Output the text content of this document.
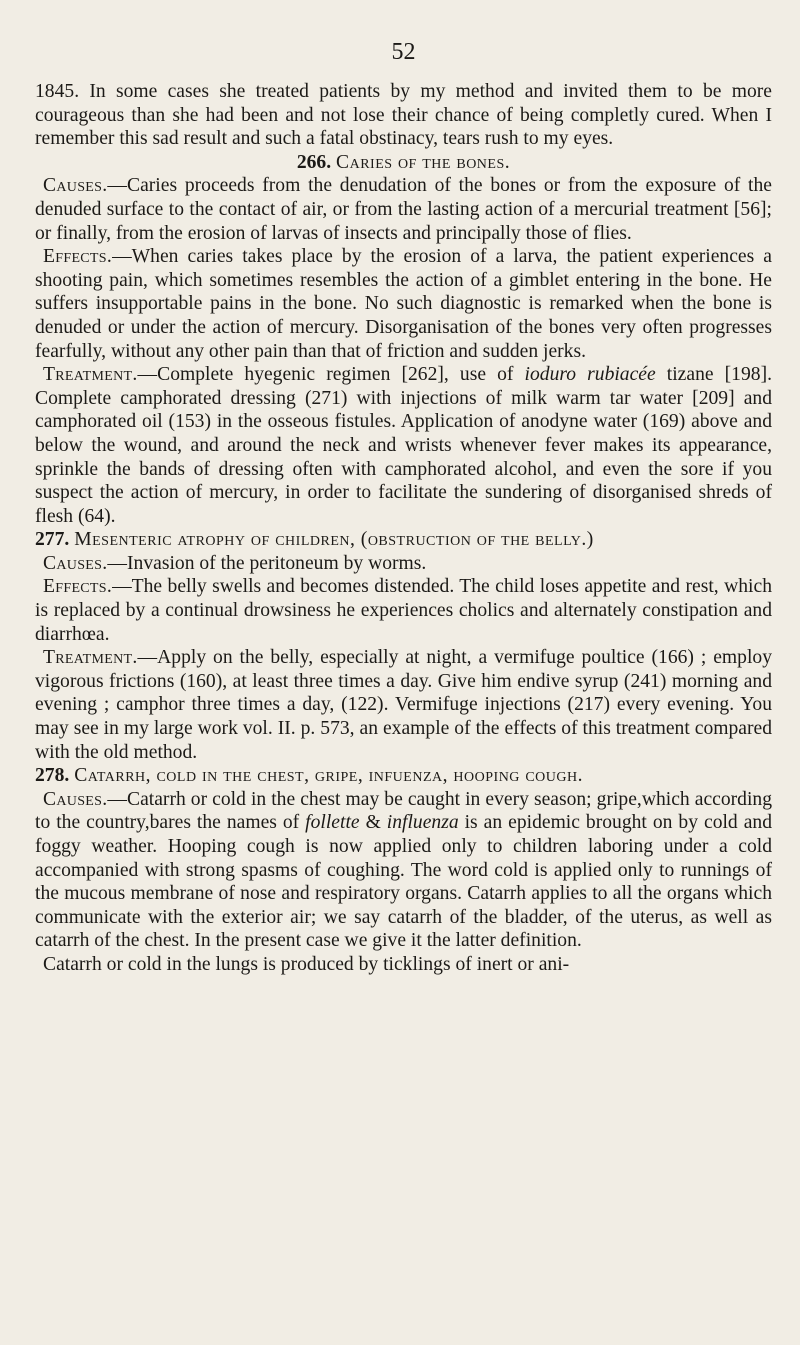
52

1845. In some cases she treated patients by my method and invited them to be more courageous than she had been and not lose their chance of being completly cured. When I remember this sad result and such a fatal obstinacy, tears rush to my eyes.

266. Caries of the bones.

Causes.—Caries proceeds from the denudation of the bones or from the exposure of the denuded surface to the contact of air, or from the lasting action of a mercurial treatment [56]; or finally, from the erosion of larvas of insects and principally those of flies.

Effects.—When caries takes place by the erosion of a larva, the patient experiences a shooting pain, which sometimes resembles the action of a gimblet entering in the bone. He suffers insupportable pains in the bone. No such diagnostic is remarked when the bone is denuded or under the action of mercury. Disorganisation of the bones very often progresses fearfully, without any other pain than that of friction and sudden jerks.

Treatment.—Complete hyegenic regimen [262], use of ioduro rubiacée tizane [198]. Complete camphorated dressing (271) with injections of milk warm tar water [209] and camphorated oil (153) in the osseous fistules. Application of anodyne water (169) above and below the wound, and around the neck and wrists whenever fever makes its appearance, sprinkle the bands of dressing often with camphorated alcohol, and even the sore if you suspect the action of mercury, in order to facilitate the sundering of disorganised shreds of flesh (64).

277. Mesenteric atrophy of children, (obstruction of the belly.)

Causes.—Invasion of the peritoneum by worms.

Effects.—The belly swells and becomes distended. The child loses appetite and rest, which is replaced by a continual drowsiness he experiences cholics and alternately constipation and diarrhœa.

Treatment.—Apply on the belly, especially at night, a vermifuge poultice (166) ; employ vigorous frictions (160), at least three times a day. Give him endive syrup (241) morning and evening ; camphor three times a day, (122). Vermifuge injections (217) every evening. You may see in my large work vol. II. p. 573, an example of the effects of this treatment compared with the old method.

278. Catarrh, cold in the chest, gripe, infuenza, hooping cough.

Causes.—Catarrh or cold in the chest may be caught in every season; gripe,which according to the country,bares the names of follette & influenza is an epidemic brought on by cold and foggy weather. Hooping cough is now applied only to children laboring under a cold accompanied with strong spasms of coughing. The word cold is applied only to runnings of the mucous membrane of nose and respiratory organs. Catarrh applies to all the organs which communicate with the exterior air; we say catarrh of the bladder, of the uterus, as well as catarrh of the chest. In the present case we give it the latter definition.

Catarrh or cold in the lungs is produced by ticklings of inert or ani-
